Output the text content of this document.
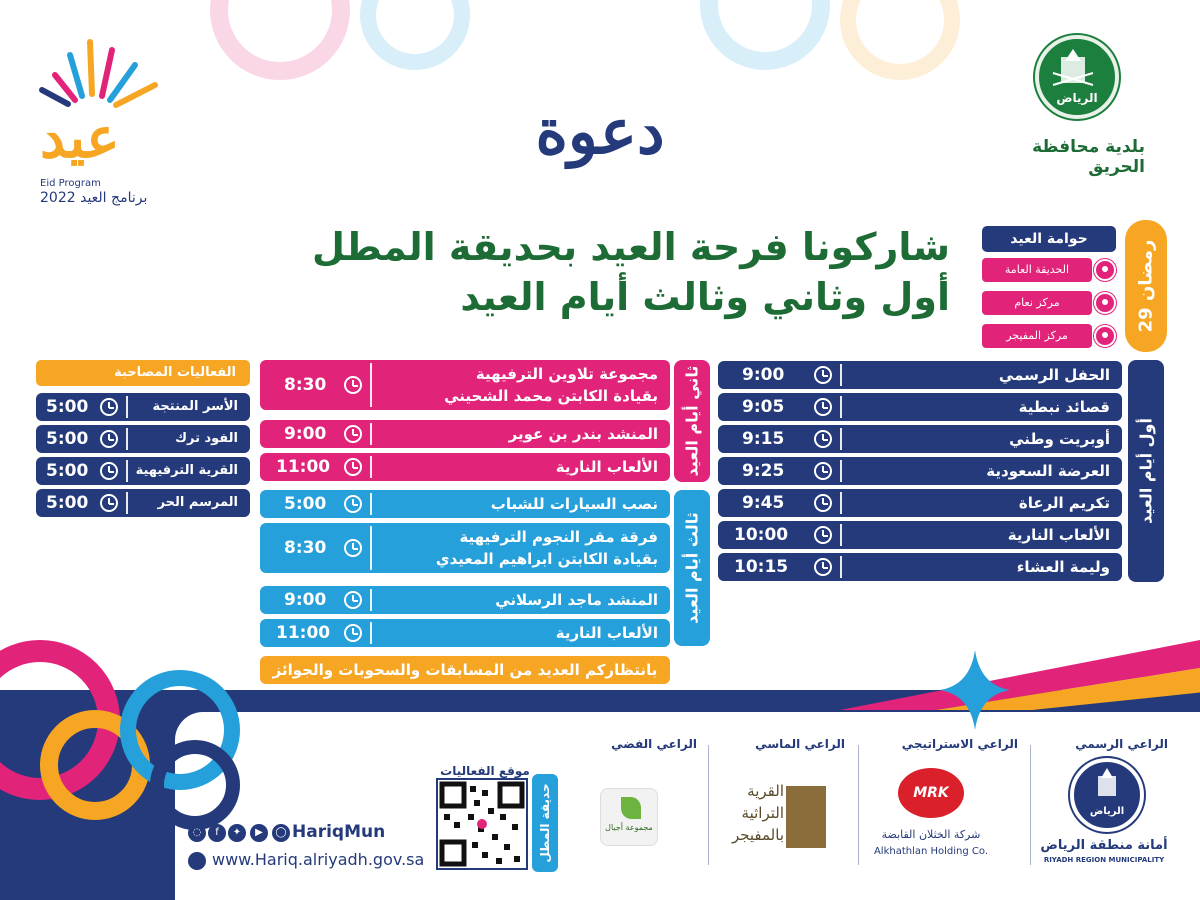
عيد
Eid Program
2022 برنامج العيد
الرياض
بلدية محافظة الحريق
دعوة
شاركونا فرحة العيد بحديقة المطل
أول وثاني وثالث أيام العيد	29 رمضان
حوامة العيد
الحديقة العامة
مركز نعام
مركز المفيجر
أول أيام العيد
الحفل الرسمي
9:00
قصائد نبطية
9:05
أوبريت وطني
9:15
العرضة السعودية
9:25
تكريم الرعاة
9:45
الألعاب النارية
10:00
وليمة العشاء
10:15
ثاني أيام العيد
مجموعة تلاوين الترفيهية
بقيادة الكابتن محمد الشحيني
8:30
المنشد بندر بن عوير
9:00
الألعاب النارية
11:00
ثالث أيام العيد
نصب السيارات للشباب
5:00
فرقة مقر النجوم الترفيهية
بقيادة الكابتن ابراهيم المعيدي
8:30
المنشد ماجد الرسلاني
9:00
الألعاب النارية
11:00
الفعاليات المصاحبة
الأسر المنتجة
5:00
الفود ترك
5:00
القرية الترفيهية
5:00
المرسم الحر
5:00
بانتظاركم العديد من المسابقات والسحوبات والجوائز
الراعي الرسمي
الرياض
أمانة منطقة الرياض
RIYADH REGION MUNICIPALITY
الراعي الاستراتيجي
MRK
شركة الخثلان القابضة
Alkhathlan Holding Co.
الراعي الماسي
القرية التراثية بالمفيجر
الراعي الفضي
مجموعة أجيال
موقع الفعاليات
حديقة المطل
◌	f	✦	▶	◯ HariqMun
www.Hariq.alriyadh.gov.sa
